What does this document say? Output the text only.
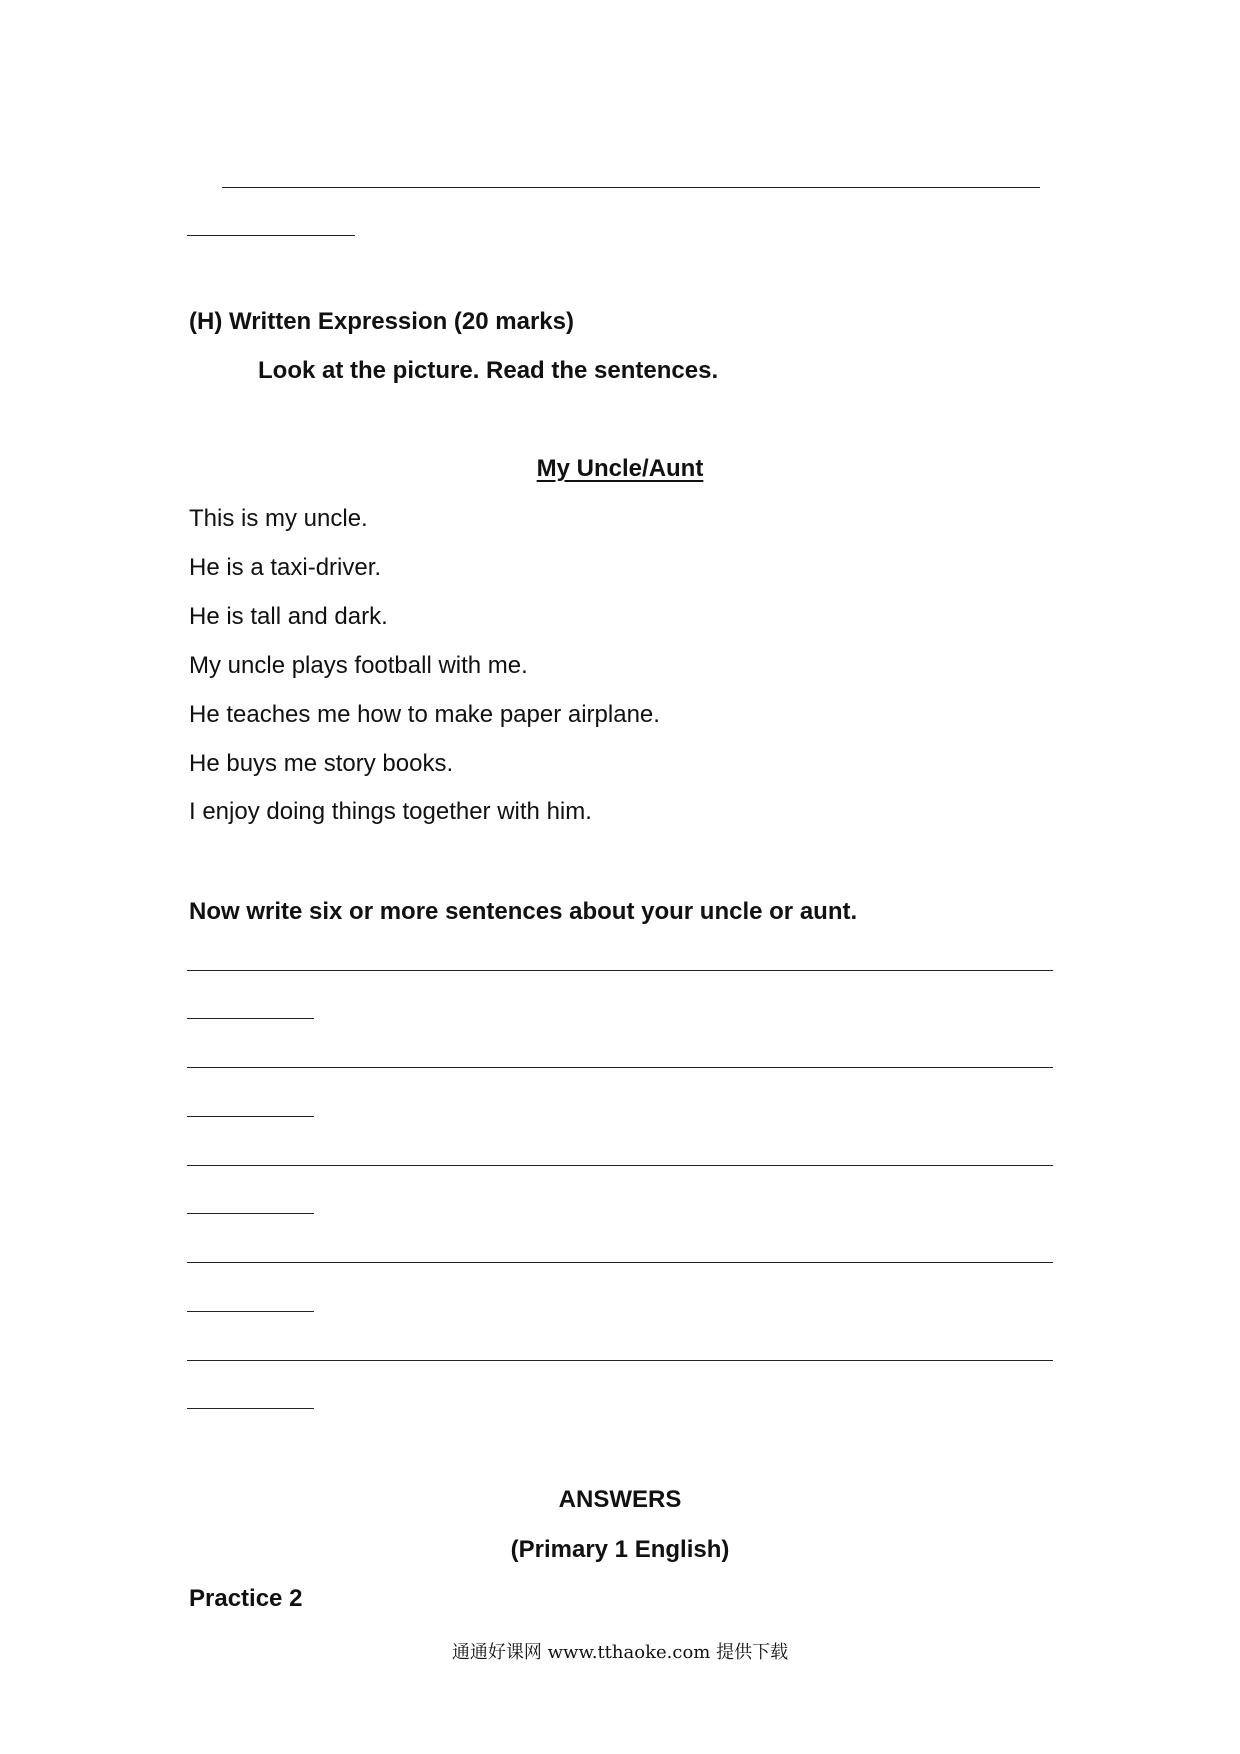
(H) Written Expression (20 marks)
Look at the picture. Read the sentences.
My Uncle/Aunt
This is my uncle.
He is a taxi-driver.
He is tall and dark.
My uncle plays football with me.
He teaches me how to make paper airplane.
He buys me story books.
I enjoy doing things together with him.
Now write six or more sentences about your uncle or aunt.
ANSWERS
(Primary 1 English)
Practice 2
通通好课网 www.tthaoke.com 提供下载
